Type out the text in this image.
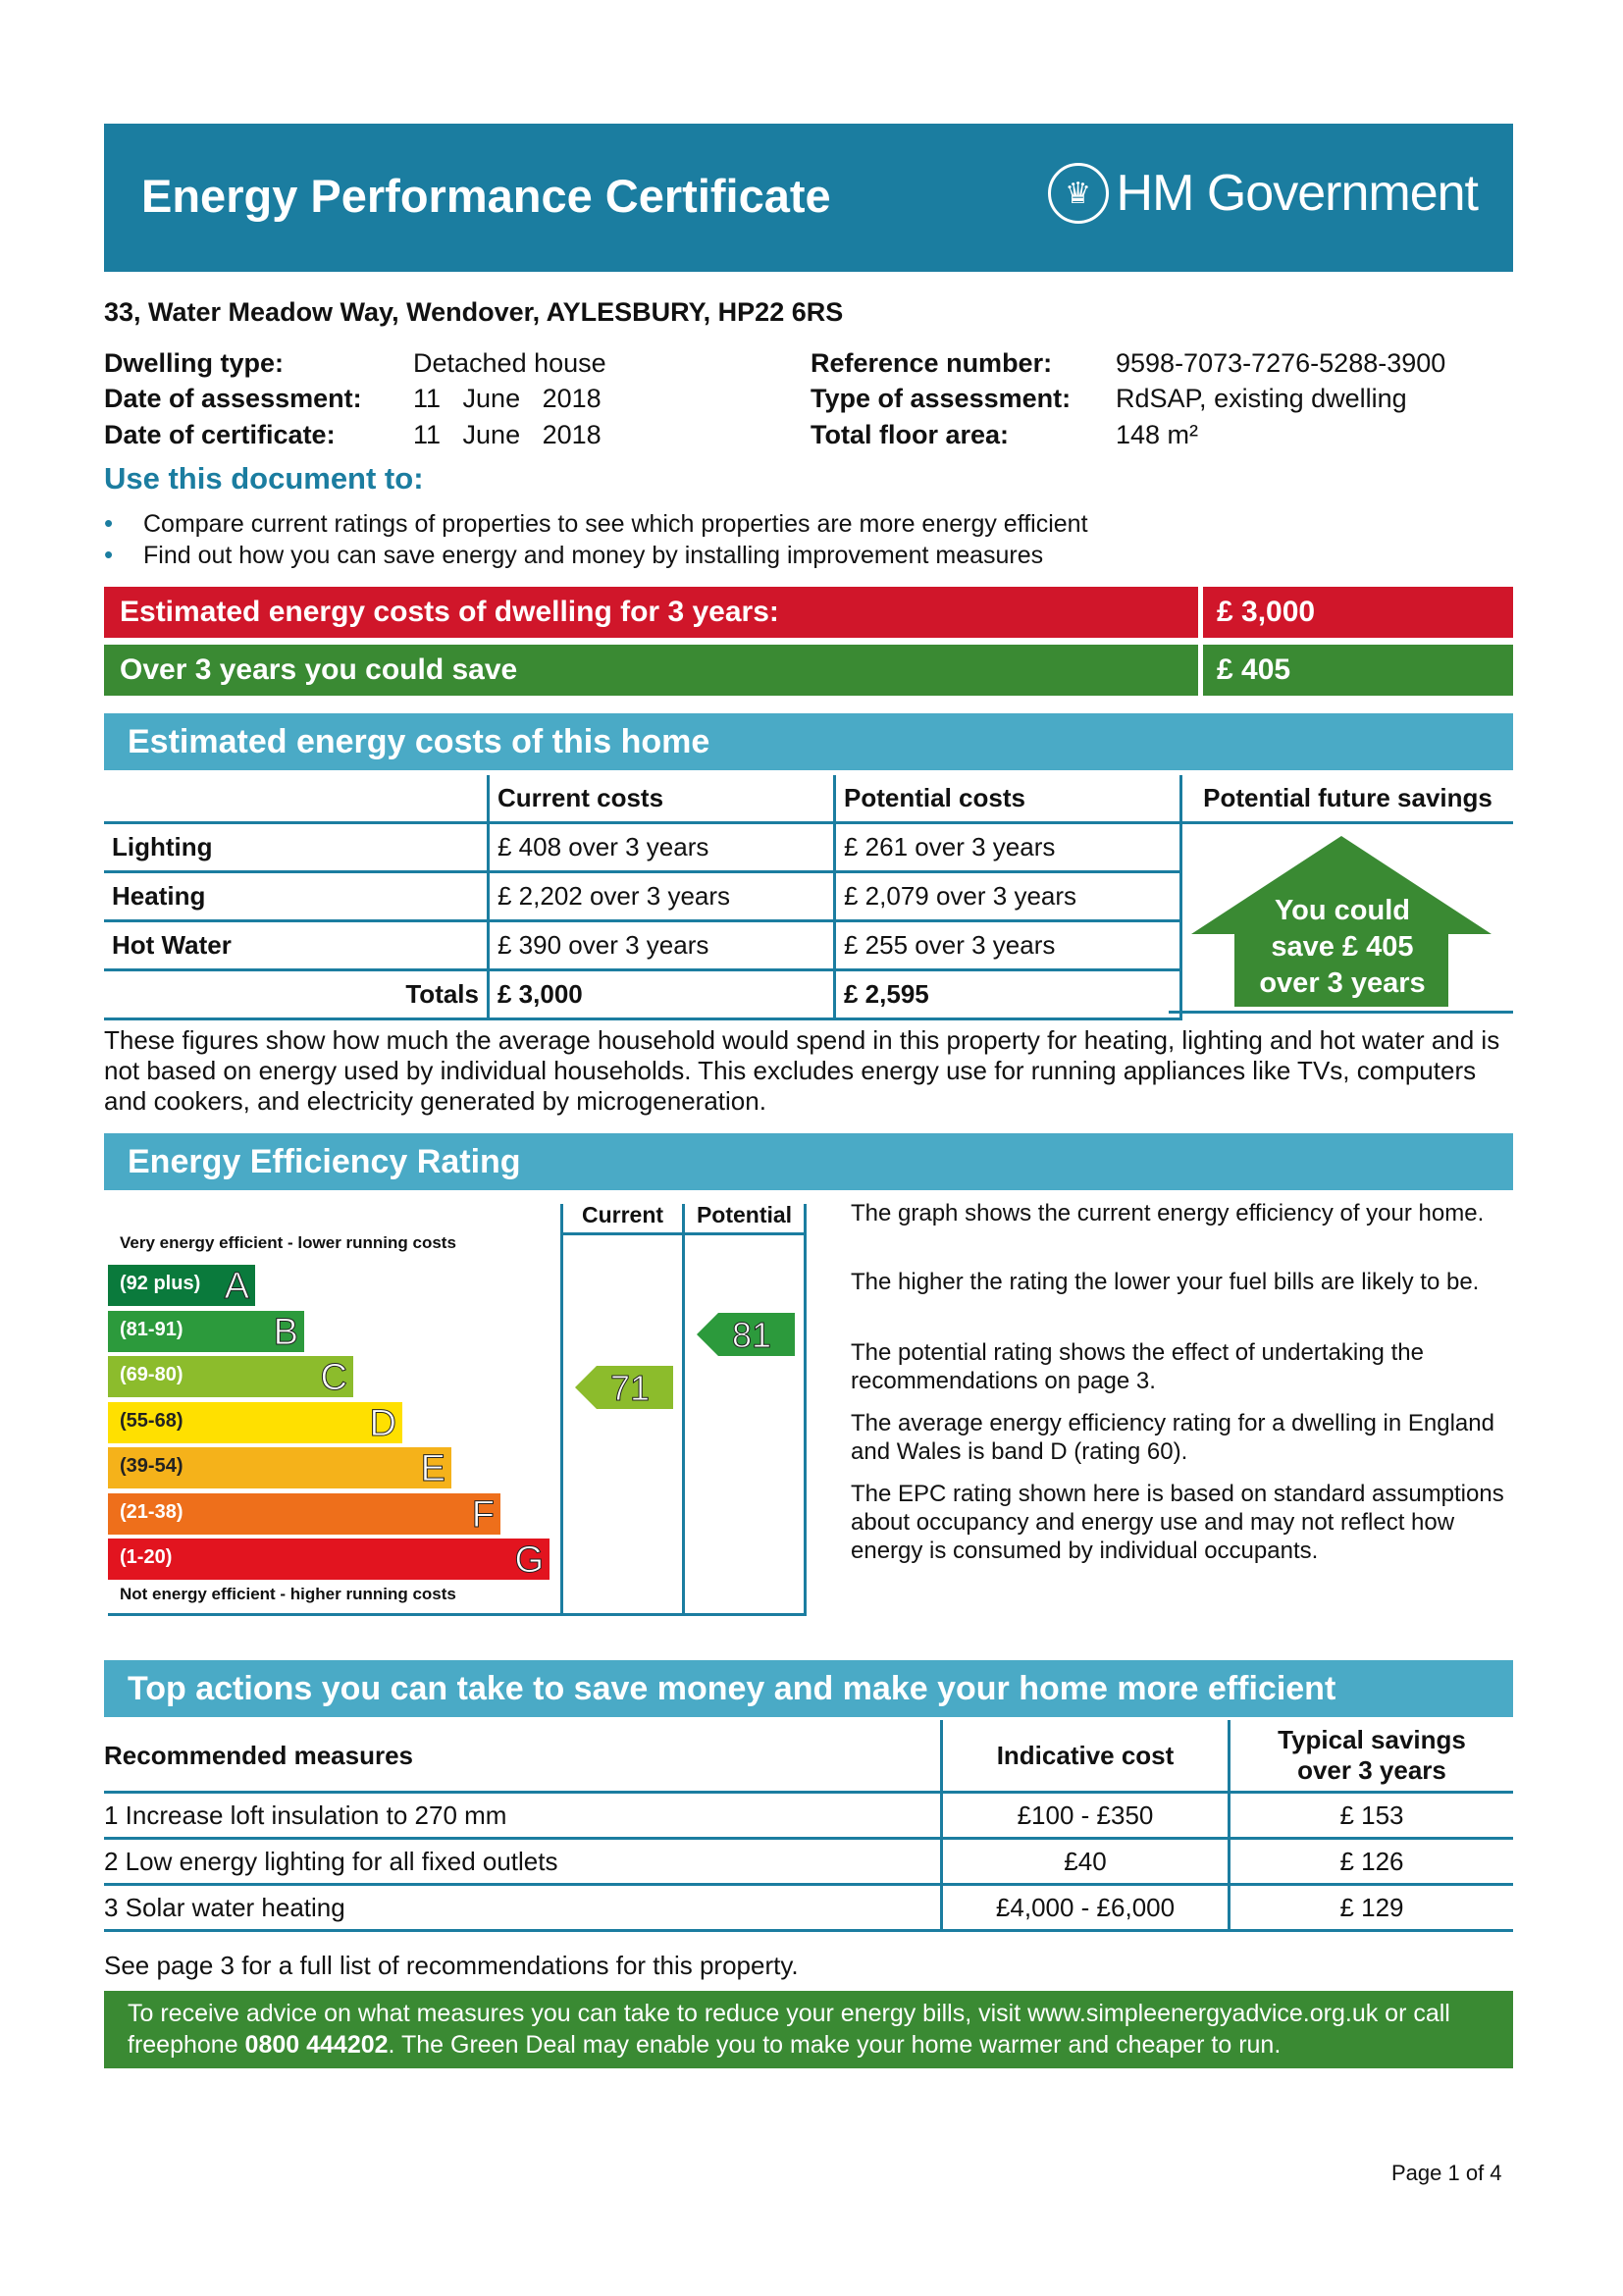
Energy Performance Certificate	♛ HM Government
33, Water Meadow Way, Wendover, AYLESBURY, HP22 6RS
Dwelling type:	Detached house
Date of assessment: 11   June   2018
Date of certificate:	11   June   2018
Reference number: 9598-7073-7276-5288-3900
Type of assessment: RdSAP, existing dwelling
Total floor area:	148 m²
Use this document to:
• Compare current ratings of properties to see which properties are more energy efficient
• Find out how you can save energy and money by installing improvement measures
Estimated energy costs of dwelling for 3 years:	£ 3,000
Over 3 years you could save	£ 405
Estimated energy costs of this home
	Current costs	Potential costs	Potential future savings
Lighting	£ 408 over 3 years	£ 261 over 3 years	
Heating	£ 2,202 over 3 years	£ 2,079 over 3 years	
Hot Water	£ 390 over 3 years	£ 255 over 3 years	
Totals	£ 3,000	£ 2,595	
You could
save £ 405
over 3 years
These figures show how much the average household would spend in this property for heating, lighting and hot water and is not based on energy used by individual households. This excludes energy use for running appliances like TVs, computers and cookers, and electricity generated by microgeneration.
Energy Efficiency Rating
Very energy efficient - lower running costs
(92 plus) A
(81-91) B
(69-80)	C
(55-68)	D
(39-54)	E
(21-38)	F
(1-20)	G
Not energy efficient - higher running costs
Current	Potential
71
81
The graph shows the current energy efficiency of your home.
The higher the rating the lower your fuel bills are likely to be.
The potential rating shows the effect of undertaking the recommendations on page 3.
The average energy efficiency rating for a dwelling in England and Wales is band D (rating 60).
The EPC rating shown here is based on standard assumptions about occupancy and energy use and may not reflect how energy is consumed by individual occupants.
Top actions you can take to save money and make your home more efficient
Recommended measures	Indicative cost	Typical savings over 3 years
1 Increase loft insulation to 270 mm	£100 - £350	£ 153
2 Low energy lighting for all fixed outlets	£40	£ 126
3 Solar water heating	£4,000 - £6,000	£ 129
See page 3 for a full list of recommendations for this property.
To receive advice on what measures you can take to reduce your energy bills, visit www.simpleenergyadvice.org.uk or call freephone 0800 444202. The Green Deal may enable you to make your home warmer and cheaper to run.
Page 1 of 4
